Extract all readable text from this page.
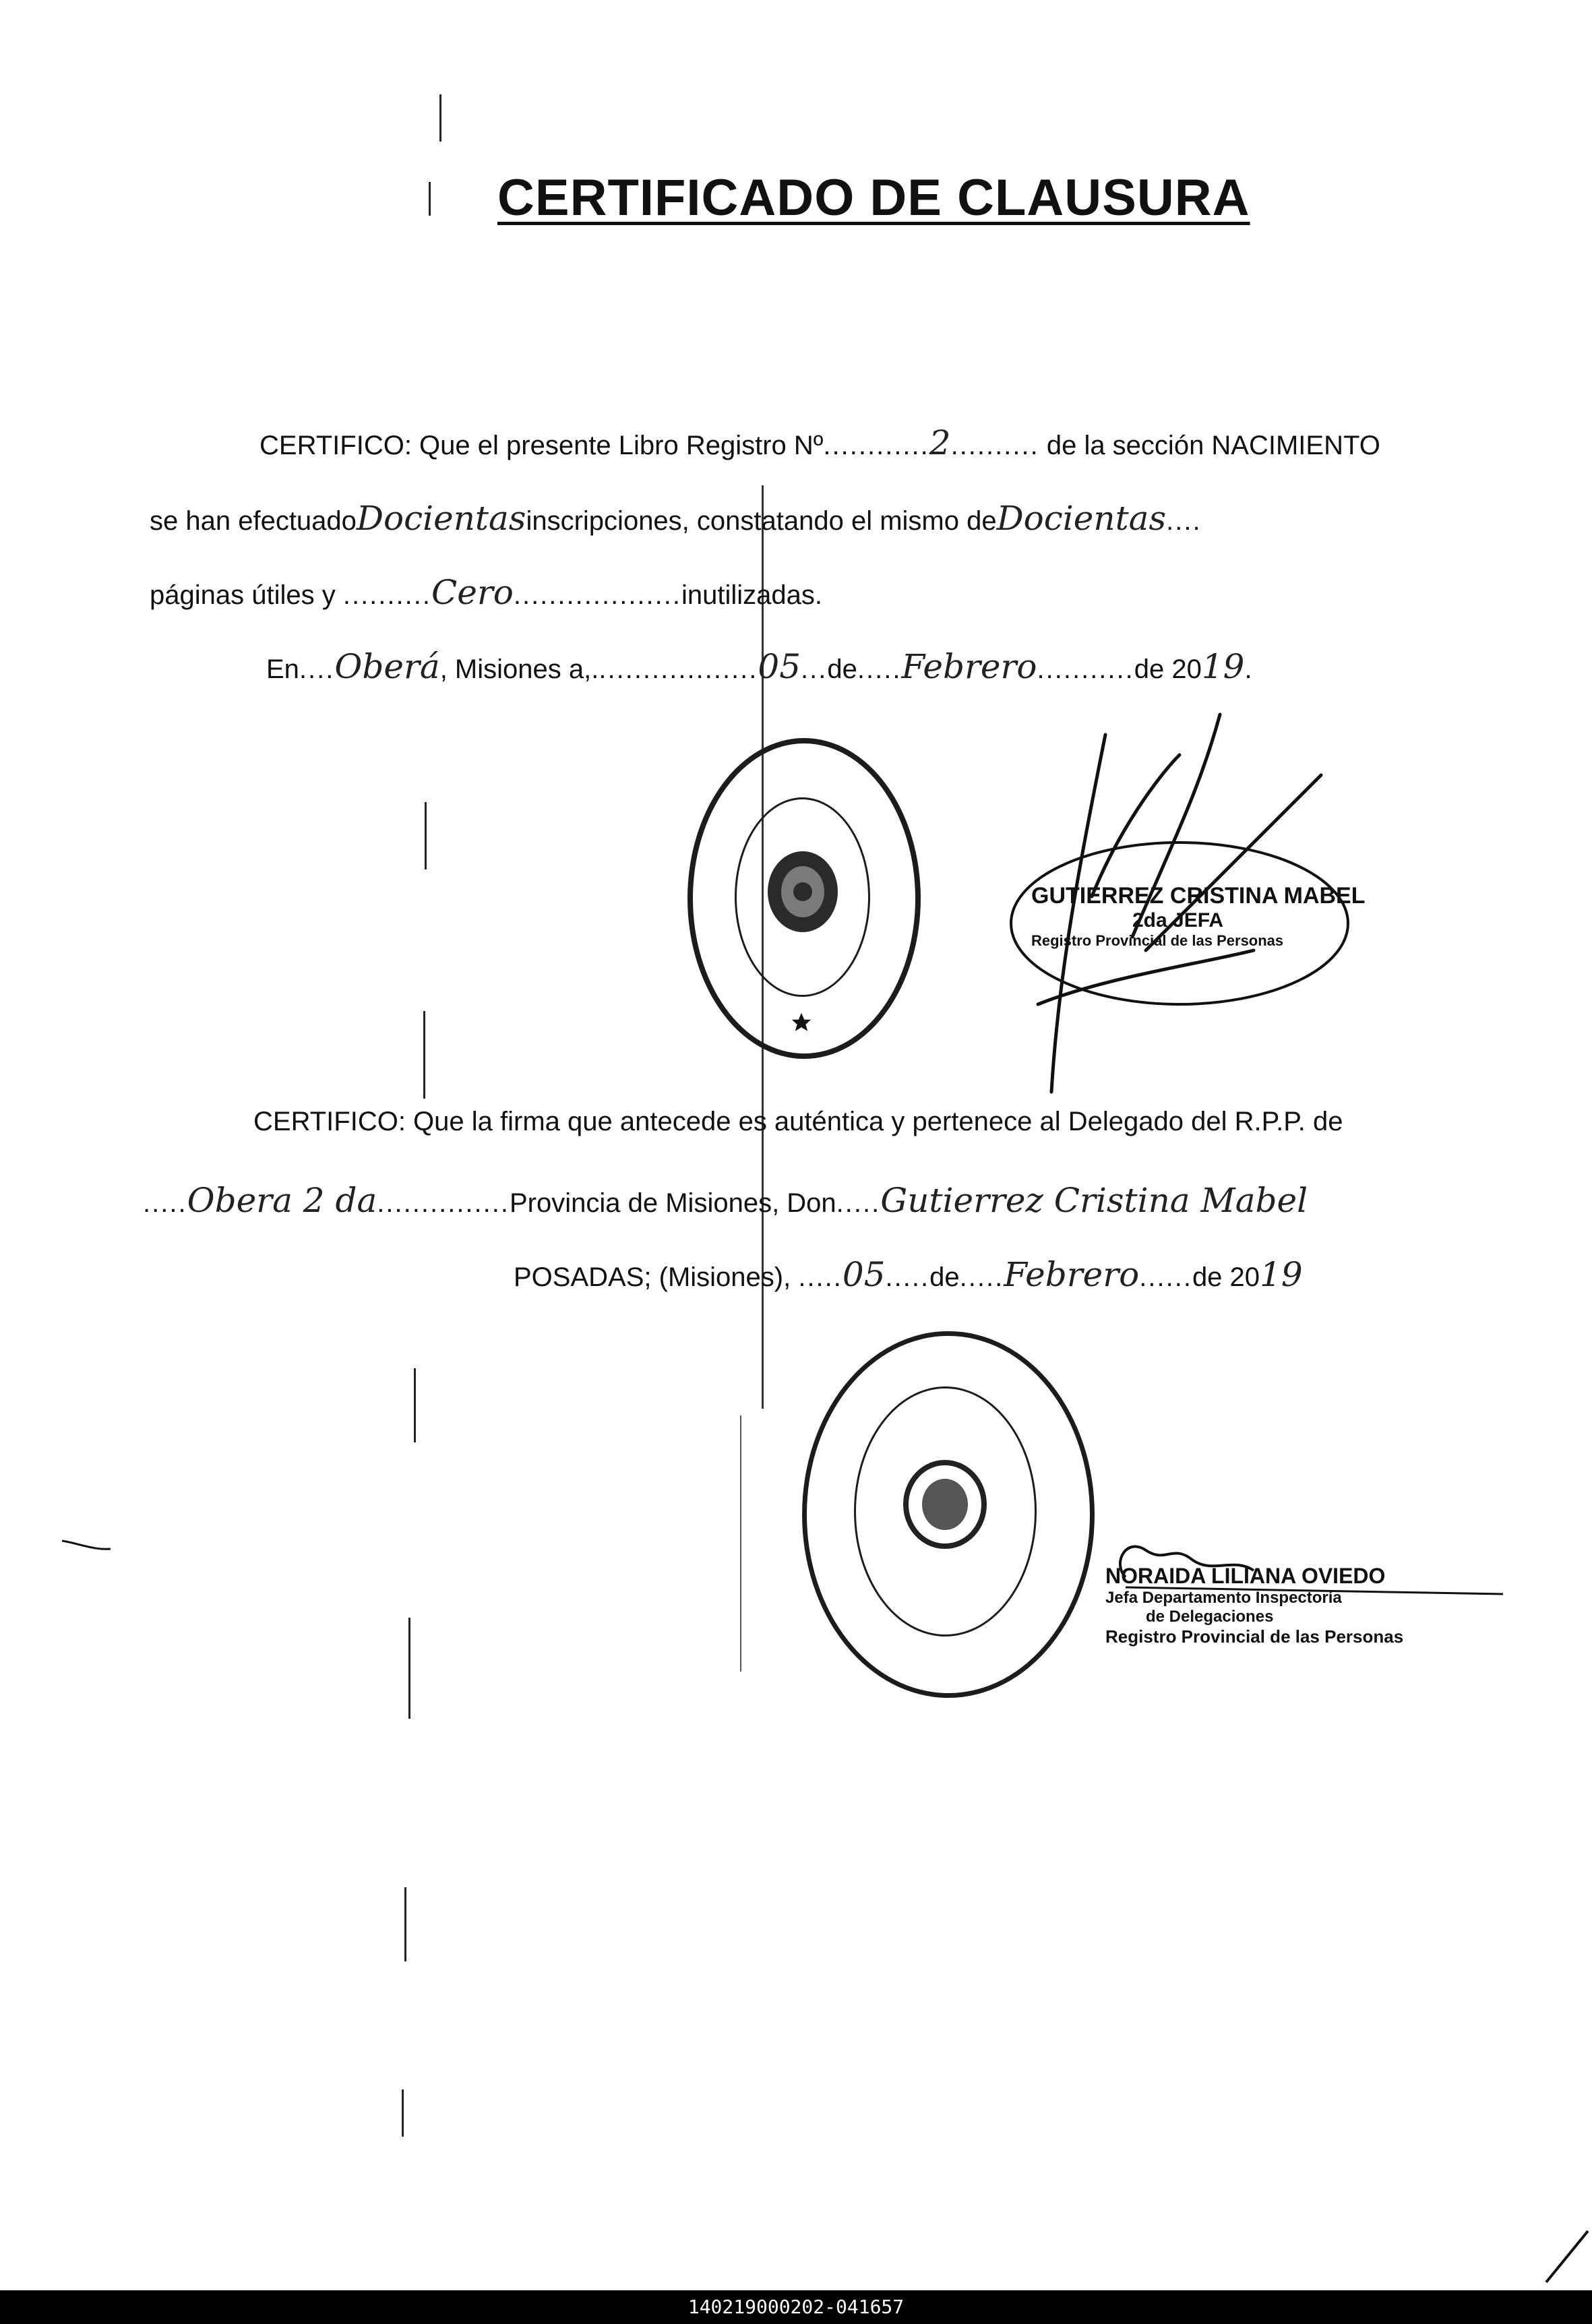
CERTIFICADO DE CLAUSURA
CERTIFICO: Que el presente Libro Registro Nº............2.......... de la sección NACIMIENTO
se han efectuadoDocientasinscripciones, constatando el mismo deDocientas....
páginas útiles y ..........Cero...................inutilizadas.
En....Oberá, Misiones a,...................05...de.....Febrero...........de 2019.
GUTIERREZ CRISTINA MABEL
2da JEFA
Registro Provincial de las Personas
CERTIFICO: Que la firma que antecede es auténtica y pertenece al Delegado del R.P.P. de
.....Obera 2 da...............Provincia de Misiones, Don.....Gutierrez Cristina Mabel
POSADAS; (Misiones), .....05.....de.....Febrero......de 2019
NORAIDA LILIANA OVIEDO
Jefa Departamento Inspectoría
de Delegaciones
Registro Provincial de las Personas
140219000202-041657
